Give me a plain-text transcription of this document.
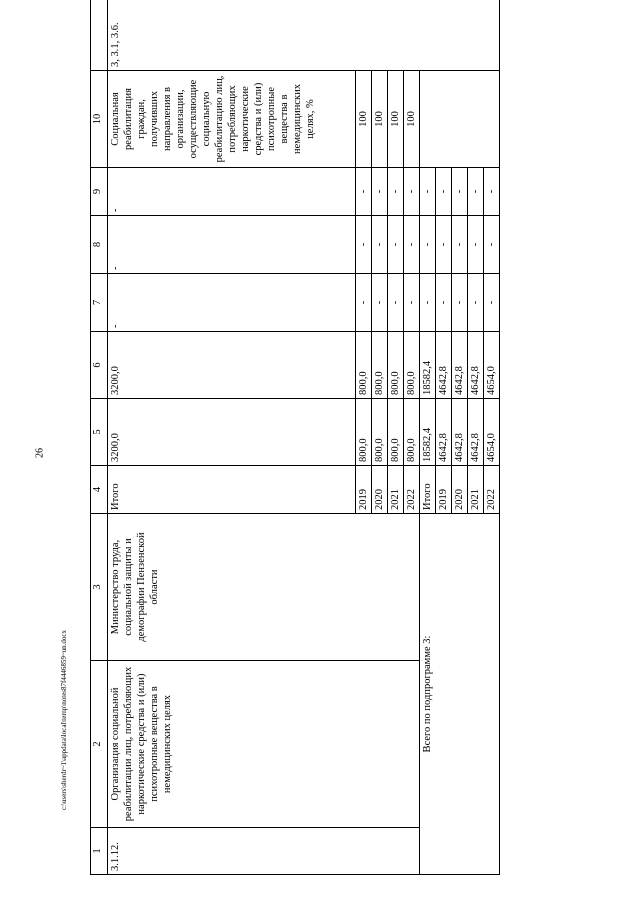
26
1	2	3	4	5	6	7	8	9	10	
3.1.12.	Организация социальной реабилитации лиц, потребляющих наркотические средства и (или) психотропные вещества в немедицинских целях	Министерство труда, социальной защиты и демографии Пензенской области	Итого	3200,0	3200,0	-	-	-	Социальная реабилитация граждан, получивших направления в организации, осуществляющие социальную реабилитацию лиц, потребляющих наркотические средства и (или) психотропные вещества в немедицинских целях, %	3, 3.1, 3.6.
			2019	800,0	800,0	-	-	-	100	
			2020	800,0	800,0	-	-	-	100	
			2021	800,0	800,0	-	-	-	100	
			2022	800,0	800,0	-	-	-	100	
Всего по подпрограмме 3:			Итого	18582,4	18582,4	-	-	-		
			2019	4642,8	4642,8	-	-	-		
			2020	4642,8	4642,8	-	-	-		
			2021	4642,8	4642,8	-	-	-		
			2022	4654,0	4654,0	-	-	-		
c:\users\sherdr~1\appdata\local\temp\notes87f4446859~un.docx
